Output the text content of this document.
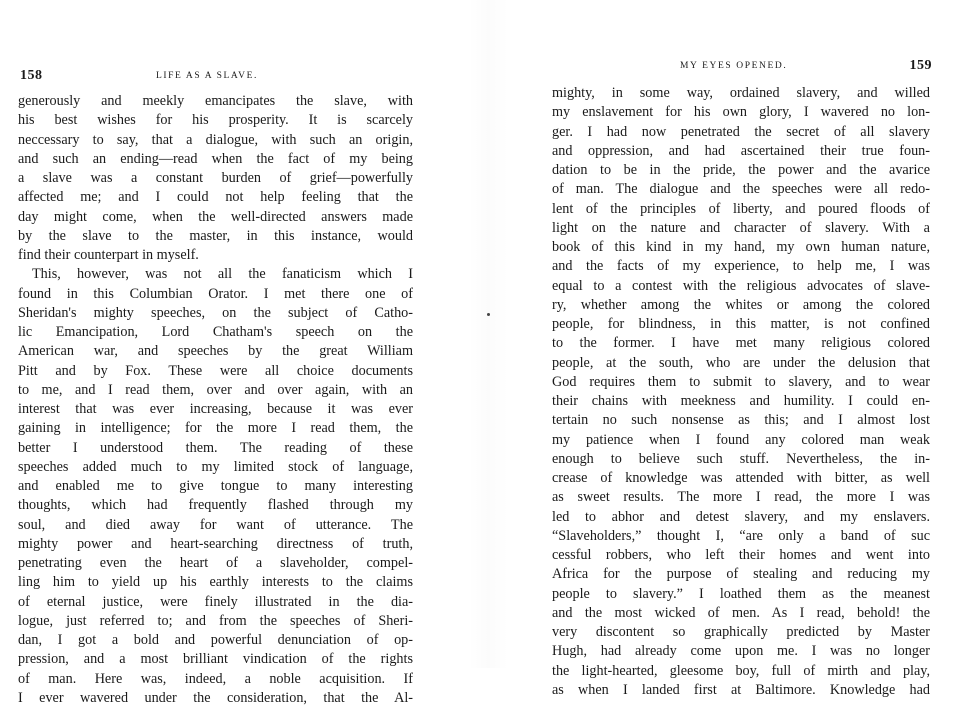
158	LIFE AS A SLAVE.
generously and meekly emancipates the slave, with
his best wishes for his prosperity. It is scarcely
neccessary to say, that a dialogue, with such an origin,
and such an ending—read when the fact of my being
a slave was a constant burden of grief—powerfully
affected me; and I could not help feeling that the
day might come, when the well-directed answers made
by the slave to the master, in this instance, would
find their counterpart in myself.
This, however, was not all the fanaticism which I
found in this Columbian Orator. I met there one of
Sheridan's mighty speeches, on the subject of Catho-
lic Emancipation, Lord Chatham's speech on the
American war, and speeches by the great William
Pitt and by Fox. These were all choice documents
to me, and I read them, over and over again, with an
interest that was ever increasing, because it was ever
gaining in intelligence; for the more I read them, the
better I understood them. The reading of these
speeches added much to my limited stock of language,
and enabled me to give tongue to many interesting
thoughts, which had frequently flashed through my
soul, and died away for want of utterance. The
mighty power and heart-searching directness of truth,
penetrating even the heart of a slaveholder, compel-
ling him to yield up his earthly interests to the claims
of eternal justice, were finely illustrated in the dia-
logue, just referred to; and from the speeches of Sheri-
dan, I got a bold and powerful denunciation of op-
pression, and a most brilliant vindication of the rights
of man. Here was, indeed, a noble acquisition. If
I ever wavered under the consideration, that the Al-
MY EYES OPENED.	159
mighty, in some way, ordained slavery, and willed
my enslavement for his own glory, I wavered no lon-
ger. I had now penetrated the secret of all slavery
and oppression, and had ascertained their true foun-
dation to be in the pride, the power and the avarice
of man. The dialogue and the speeches were all redo-
lent of the principles of liberty, and poured floods of
light on the nature and character of slavery. With a
book of this kind in my hand, my own human nature,
and the facts of my experience, to help me, I was
equal to a contest with the religious advocates of slave-
ry, whether among the whites or among the colored
people, for blindness, in this matter, is not confined
to the former. I have met many religious colored
people, at the south, who are under the delusion that
God requires them to submit to slavery, and to wear
their chains with meekness and humility. I could en-
tertain no such nonsense as this; and I almost lost
my patience when I found any colored man weak
enough to believe such stuff. Nevertheless, the in-
crease of knowledge was attended with bitter, as well
as sweet results. The more I read, the more I was
led to abhor and detest slavery, and my enslavers.
“Slaveholders,” thought I, “are only a band of suc
cessful robbers, who left their homes and went into
Africa for the purpose of stealing and reducing my
people to slavery.” I loathed them as the meanest
and the most wicked of men. As I read, behold! the
very discontent so graphically predicted by Master
Hugh, had already come upon me. I was no longer
the light-hearted, gleesome boy, full of mirth and play,
as when I landed first at Baltimore. Knowledge had
